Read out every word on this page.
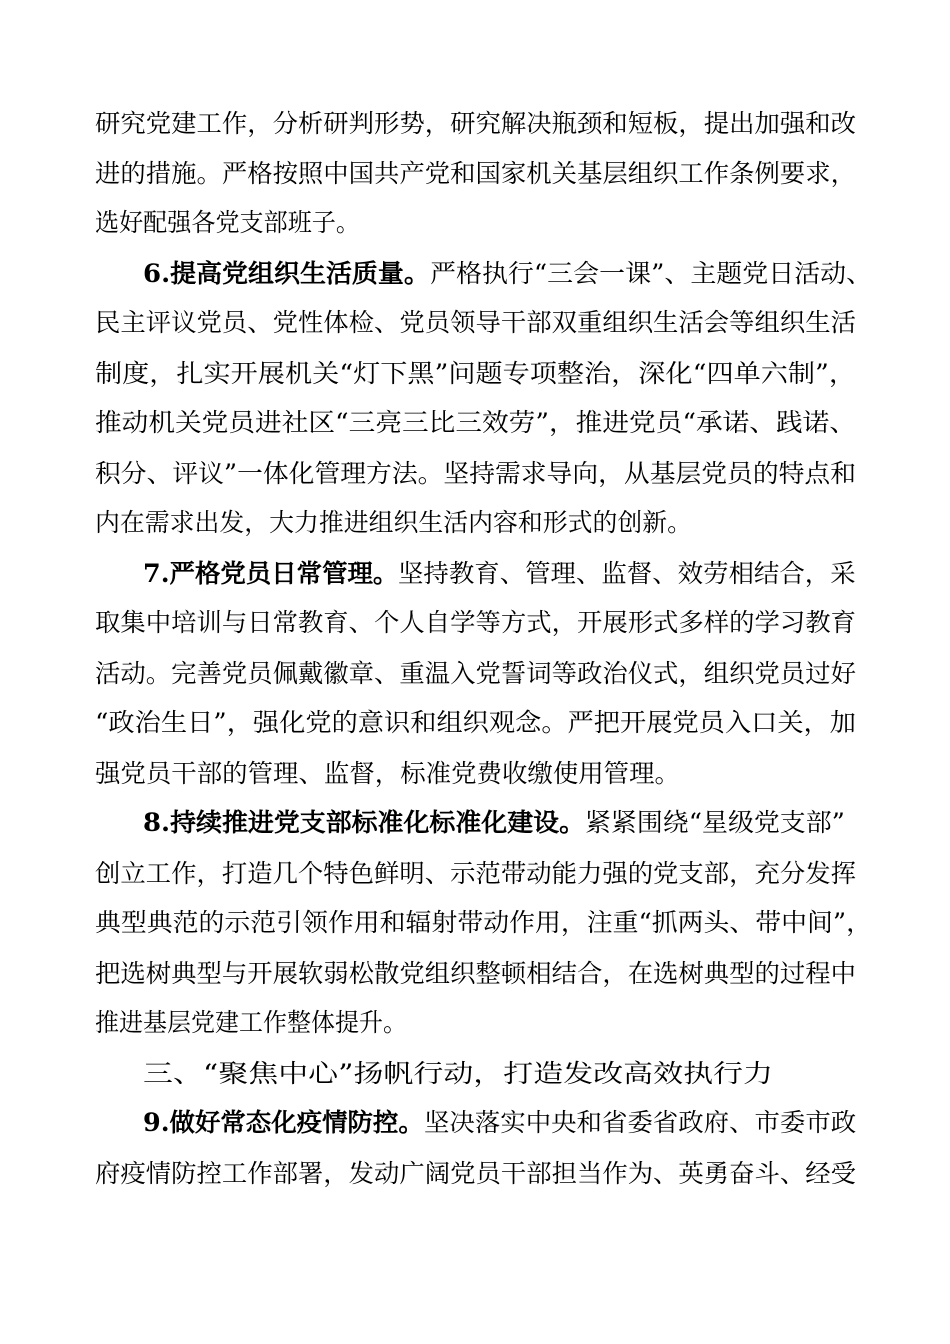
研究党建工作，分析研判形势，研究解决瓶颈和短板，提出加强和改
进的措施。严格按照中国共产党和国家机关基层组织工作条例要求，
选好配强各党支部班子。
6.提高党组织生活质量。 严格执行“三会一课”、主题党日活动、
民主评议党员、党性体检、党员领导干部双重组织生活会等组织生活
制度，扎实开展机关“灯下黑”问题专项整治，深化“四单六制”，
推动机关党员进社区“三亮三比三效劳”，推进党员“承诺、践诺、
积分、评议”一体化管理方法。坚持需求导向，从基层党员的特点和
内在需求出发，大力推进组织生活内容和形式的创新。
7.严格党员日常管理。 坚持教育、管理、监督、效劳相结合，采
取集中培训与日常教育、个人自学等方式，开展形式多样的学习教育
活动。完善党员佩戴徽章、重温入党誓词等政治仪式，组织党员过好
“政治生日”，强化党的意识和组织观念。严把开展党员入口关，加
强党员干部的管理、监督，标准党费收缴使用管理。
8.持续推进党支部标准化标准化建设。 紧紧围绕“星级党支部”
创立工作，打造几个特色鲜明、示范带动能力强的党支部，充分发挥
典型典范的示范引领作用和辐射带动作用，注重“抓两头、带中间”，
把选树典型与开展软弱松散党组织整顿相结合，在选树典型的过程中
推进基层党建工作整体提升。
三、“聚焦中心”扬帆行动，打造发改高效执行力
9.做好常态化疫情防控。 坚决落实中央和省委省政府、市委市政
府疫情防控工作部署，发动广阔党员干部担当作为、英勇奋斗、经受
